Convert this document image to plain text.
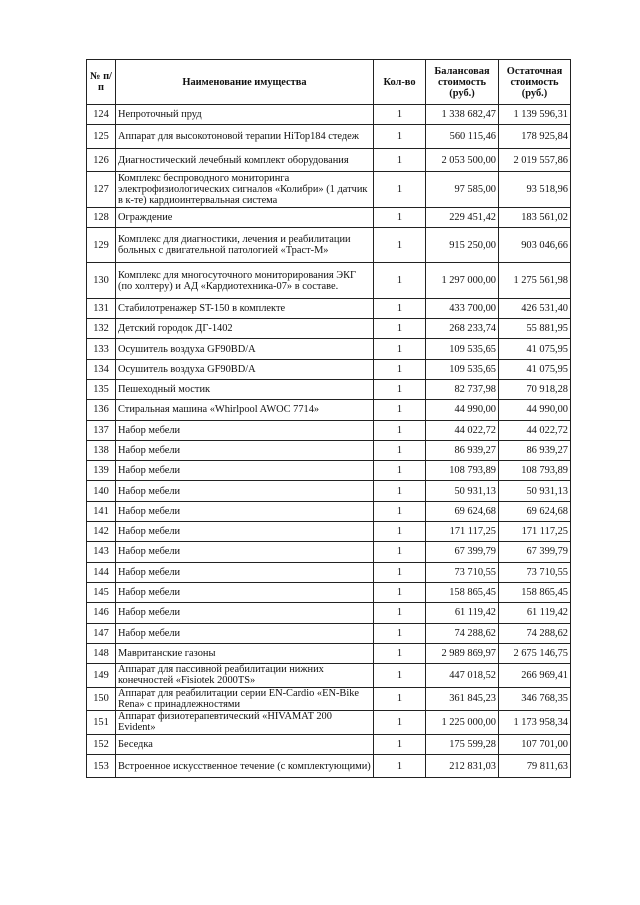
№ п/п	Наименование имущества	Кол-во	Балансовая стоимость (руб.)	Остаточная стоимость (руб.)
124	Непроточный пруд	1	1 338 682,47	1 139 596,31
125	Аппарат для высокотоновой терапии HiTop184 стедеж	1	560 115,46	178 925,84
126	Диагностический лечебный комплект оборудования	1	2 053 500,00	2 019 557,86
127	Комплекс беспроводного мониторинга электрофизиологических сигналов «Колибри» (1 датчик в к-те) кардиоинтервальная система	1	97 585,00	93 518,96
128	Ограждение	1	229 451,42	183 561,02
129	Комплекс для диагностики, лечения и реабилитации больных с двигательной патологией «Траст-М»	1	915 250,00	903 046,66
130	Комплекс для многосуточного мониторирования ЭКГ (по холтеру) и АД «Кардиотехника-07» в составе.	1	1 297 000,00	1 275 561,98
131	Стабилотренажер ST-150 в комплекте	1	433 700,00	426 531,40
132	Детский городок ДГ-1402	1	268 233,74	55 881,95
133	Осушитель воздуха GF90BD/A	1	109 535,65	41 075,95
134	Осушитель воздуха GF90BD/A	1	109 535,65	41 075,95
135	Пешеходный мостик	1	82 737,98	70 918,28
136	Стиральная машина «Whirlpool AWOC 7714»	1	44 990,00	44 990,00
137	Набор мебели	1	44 022,72	44 022,72
138	Набор мебели	1	86 939,27	86 939,27
139	Набор мебели	1	108 793,89	108 793,89
140	Набор мебели	1	50 931,13	50 931,13
141	Набор мебели	1	69 624,68	69 624,68
142	Набор мебели	1	171 117,25	171 117,25
143	Набор мебели	1	67 399,79	67 399,79
144	Набор мебели	1	73 710,55	73 710,55
145	Набор мебели	1	158 865,45	158 865,45
146	Набор мебели	1	61 119,42	61 119,42
147	Набор мебели	1	74 288,62	74 288,62
148	Мавританские газоны	1	2 989 869,97	2 675 146,75
149	Аппарат для пассивной реабилитации нижних конечностей «Fisiotek 2000TS»	1	447 018,52	266 969,41
150	Аппарат для реабилитации серии EN-Cardio «EN-Bike Rena» с принадлежностями	1	361 845,23	346 768,35
151	Аппарат физиотерапевтический «HIVAMAT 200 Evident»	1	1 225 000,00	1 173 958,34
152	Беседка	1	175 599,28	107 701,00
153	Встроенное искусственное течение (с комплектующими)	1	212 831,03	79 811,63
